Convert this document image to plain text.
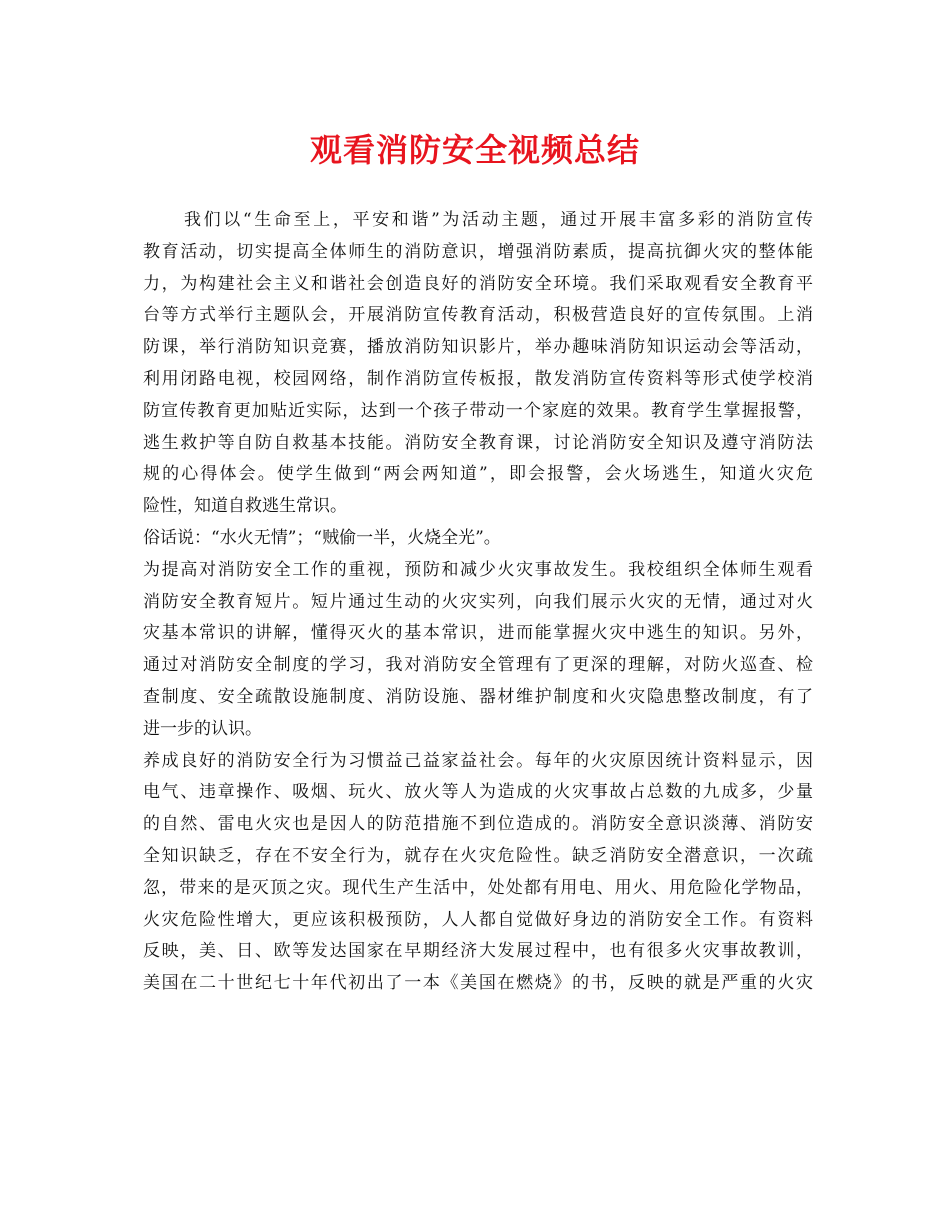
观看消防安全视频总结
我们以“生命至上，平安和谐”为活动主题，通过开展丰富多彩的消防宣传
教育活动，切实提高全体师生的消防意识，增强消防素质，提高抗御火灾的整体能
力，为构建社会主义和谐社会创造良好的消防安全环境。我们采取观看安全教育平
台等方式举行主题队会，开展消防宣传教育活动，积极营造良好的宣传氛围。上消
防课，举行消防知识竞赛，播放消防知识影片，举办趣味消防知识运动会等活动，
利用闭路电视，校园网络，制作消防宣传板报，散发消防宣传资料等形式使学校消
防宣传教育更加贴近实际，达到一个孩子带动一个家庭的效果。教育学生掌握报警，
逃生救护等自防自救基本技能。消防安全教育课，讨论消防安全知识及遵守消防法
规的心得体会。使学生做到“两会两知道”，即会报警，会火场逃生，知道火灾危
险性，知道自救逃生常识。
俗话说：“水火无情”；“贼偷一半，火烧全光”。
为提高对消防安全工作的重视，预防和减少火灾事故发生。我校组织全体师生观看
消防安全教育短片。短片通过生动的火灾实列，向我们展示火灾的无情，通过对火
灾基本常识的讲解，懂得灭火的基本常识，进而能掌握火灾中逃生的知识。另外，
通过对消防安全制度的学习，我对消防安全管理有了更深的理解，对防火巡查、检
查制度、安全疏散设施制度、消防设施、器材维护制度和火灾隐患整改制度，有了
进一步的认识。
养成良好的消防安全行为习惯益己益家益社会。每年的火灾原因统计资料显示，因
电气、违章操作、吸烟、玩火、放火等人为造成的火灾事故占总数的九成多，少量
的自然、雷电火灾也是因人的防范措施不到位造成的。消防安全意识淡薄、消防安
全知识缺乏，存在不安全行为，就存在火灾危险性。缺乏消防安全潜意识，一次疏
忽，带来的是灭顶之灾。现代生产生活中，处处都有用电、用火、用危险化学物品，
火灾危险性增大，更应该积极预防，人人都自觉做好身边的消防安全工作。有资料
反映，美、日、欧等发达国家在早期经济大发展过程中，也有很多火灾事故教训，
美国在二十世纪七十年代初出了一本《美国在燃烧》的书，反映的就是严重的火灾
